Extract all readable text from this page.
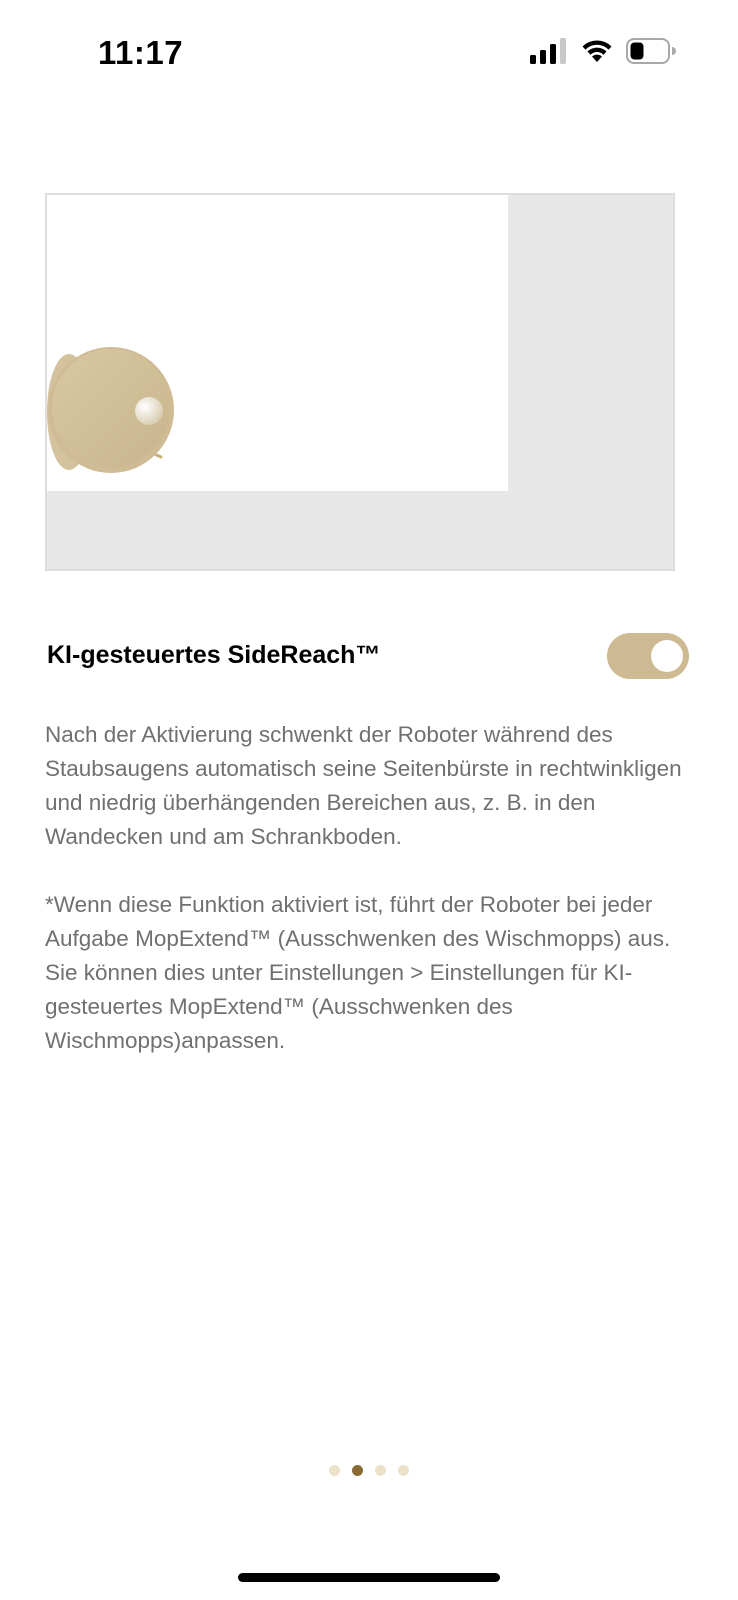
11:17
KI-gesteuertes SideReach™

Nach der Aktivierung schwenkt der Roboter während des Staubsaugens automatisch seine Seitenbürste in rechtwinkligen und niedrig überhängenden Bereichen aus, z. B. in den Wandecken und am Schrankboden.

*Wenn diese Funktion aktiviert ist, führt der Roboter bei jeder Aufgabe MopExtend™ (Ausschwenken des Wischmopps) aus. Sie können dies unter Einstellungen > Einstellungen für KI-gesteuertes MopExtend™ (Ausschwenken des Wischmopps)anpassen.
